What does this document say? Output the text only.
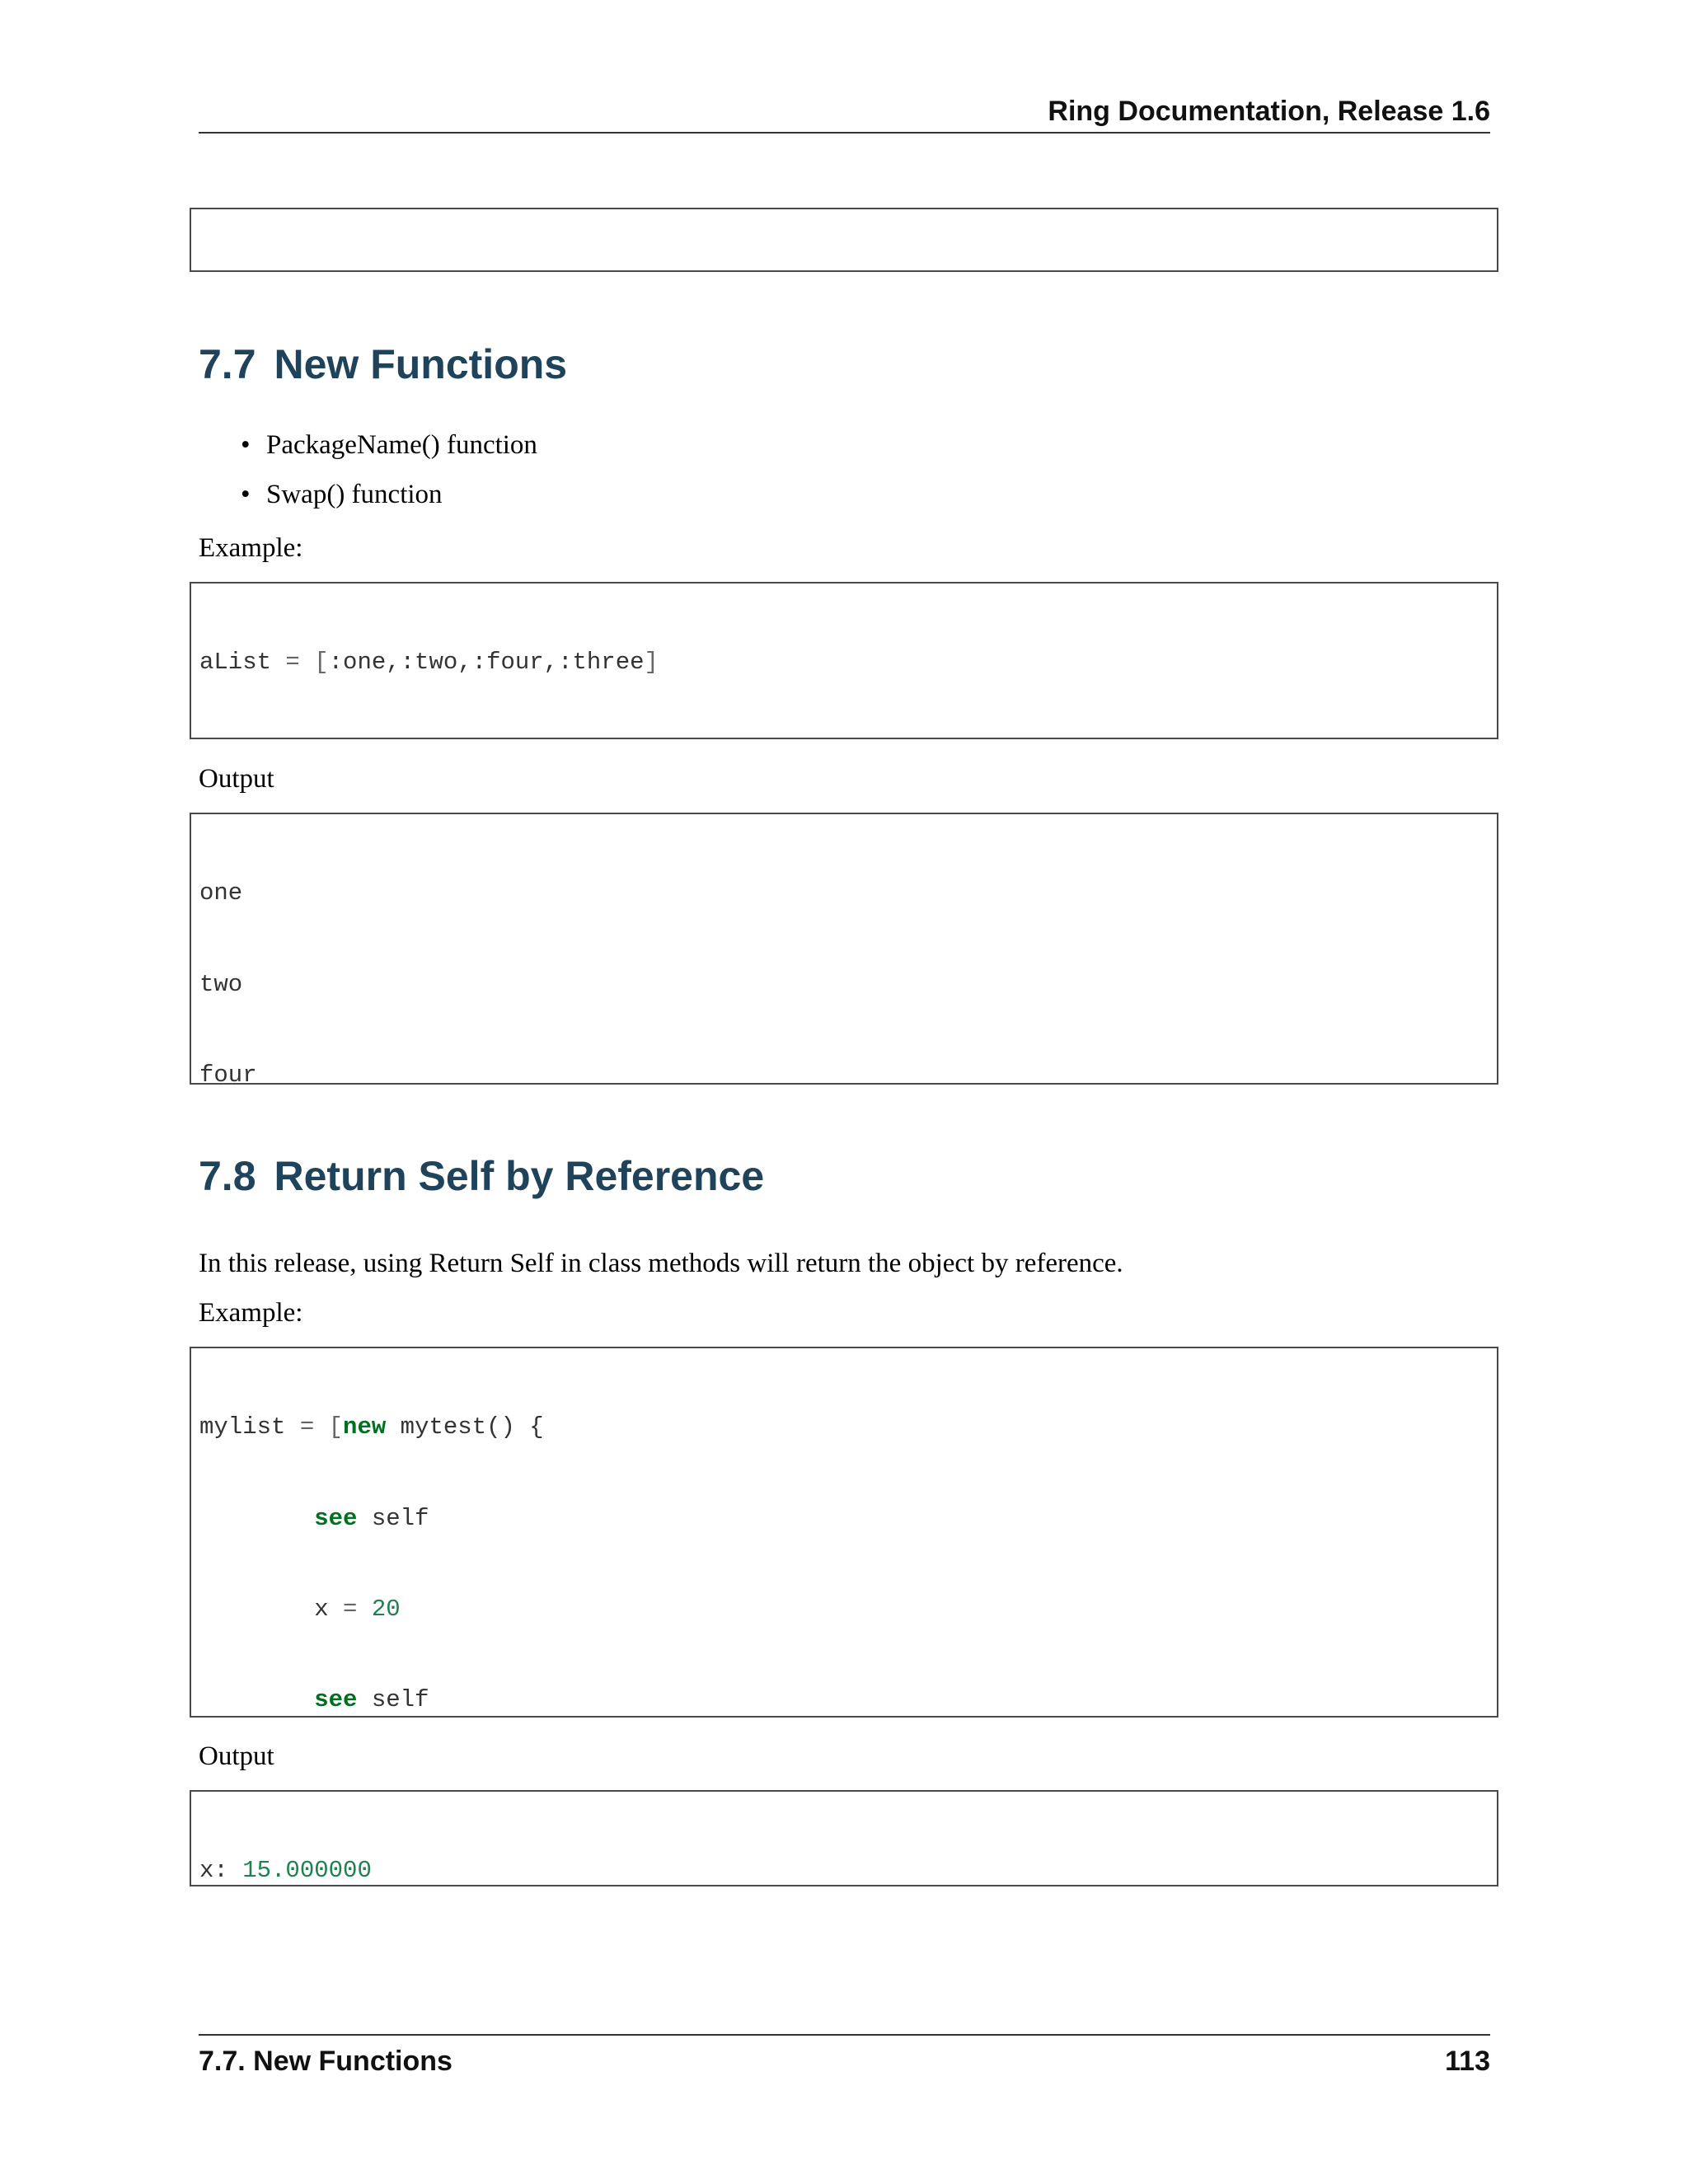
Ring Documentation, Release 1.6

7.7 New Functions
• PackageName() function
• Swap() function

Example:

aList = [:one,:two,:four,:three]

Output

one

two

four

7.8 Return Self by Reference

In this release, using Return Self in class methods will return the object by reference.

Example:

mylist = [new mytest() {

see self

x = 20

see self

Output

x: 15.000000

7.7. New Functions	113
